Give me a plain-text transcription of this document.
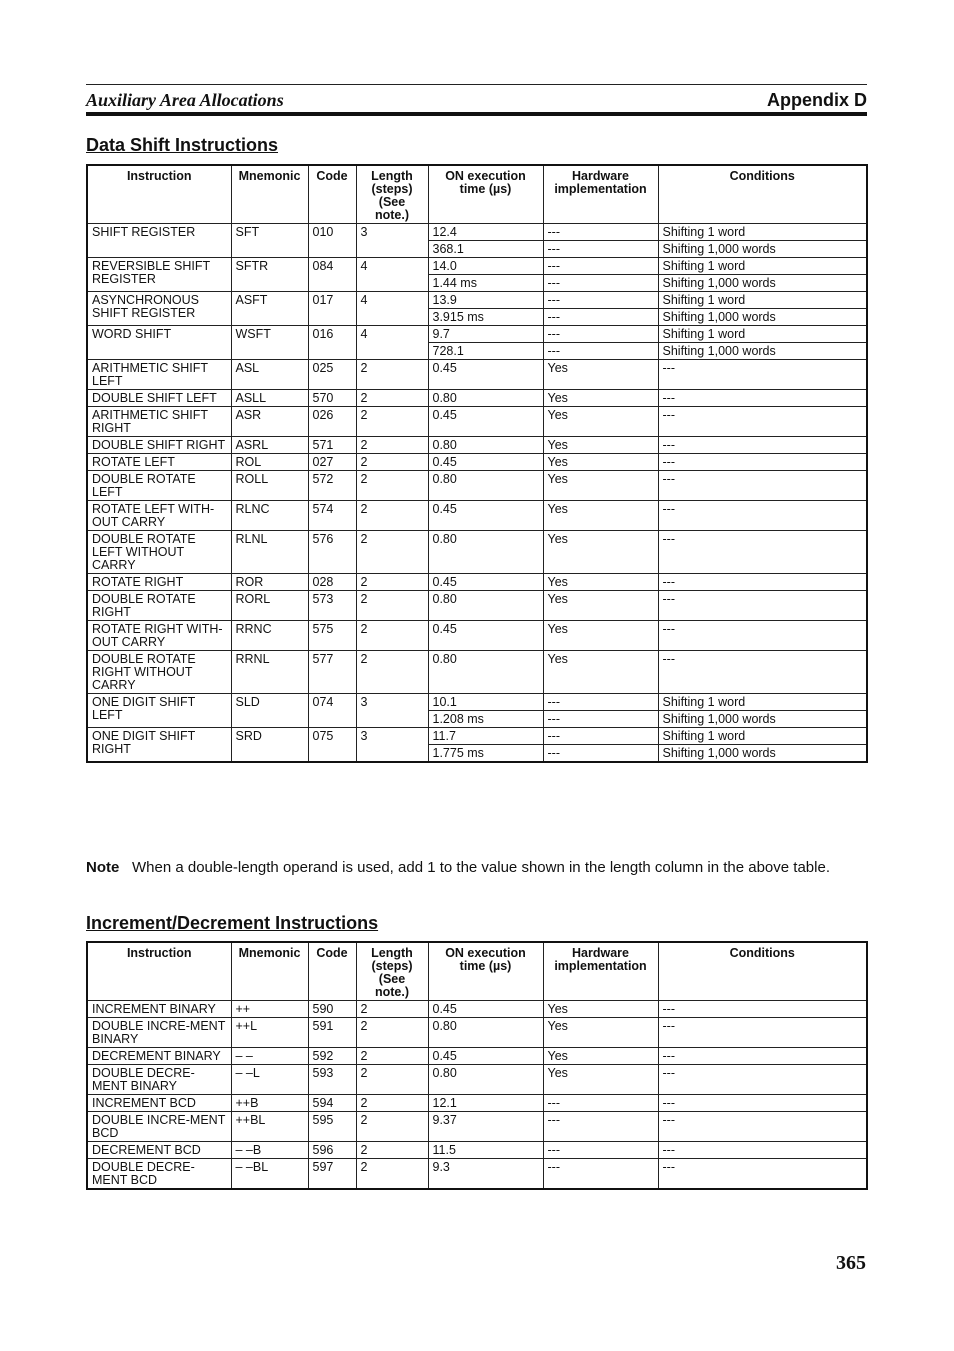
Auxiliary Area Allocations	Appendix D
Data Shift Instructions
Instruction	Mnemonic	Code	Length (steps) (See note.)	ON execution time (µs)	Hardware implementation	Conditions
SHIFT REGISTER	SFT	010	3	12.4	---	Shifting 1 word
				368.1	---	Shifting 1,000 words
REVERSIBLE SHIFT REGISTER	SFTR	084	4	14.0	---	Shifting 1 word
				1.44 ms	---	Shifting 1,000 words
ASYNCHRONOUS SHIFT REGISTER	ASFT	017	4	13.9	---	Shifting 1 word
				3.915 ms	---	Shifting 1,000 words
WORD SHIFT	WSFT	016	4	9.7	---	Shifting 1 word
				728.1	---	Shifting 1,000 words
ARITHMETIC SHIFT LEFT	ASL	025	2	0.45	Yes	---
DOUBLE SHIFT LEFT	ASLL	570	2	0.80	Yes	---
ARITHMETIC SHIFT RIGHT	ASR	026	2	0.45	Yes	---
DOUBLE SHIFT RIGHT	ASRL	571	2	0.80	Yes	---
ROTATE LEFT	ROL	027	2	0.45	Yes	---
DOUBLE ROTATE LEFT	ROLL	572	2	0.80	Yes	---
ROTATE LEFT WITH-OUT CARRY	RLNC	574	2	0.45	Yes	---
DOUBLE ROTATE LEFT WITHOUT CARRY	RLNL	576	2	0.80	Yes	---
ROTATE RIGHT	ROR	028	2	0.45	Yes	---
DOUBLE ROTATE RIGHT	RORL	573	2	0.80	Yes	---
ROTATE RIGHT WITH-OUT CARRY	RRNC	575	2	0.45	Yes	---
DOUBLE ROTATE RIGHT WITHOUT CARRY	RRNL	577	2	0.80	Yes	---
ONE DIGIT SHIFT LEFT	SLD	074	3	10.1	---	Shifting 1 word
				1.208 ms	---	Shifting 1,000 words
ONE DIGIT SHIFT RIGHT	SRD	075	3	11.7	---	Shifting 1 word
				1.775 ms	---	Shifting 1,000 words
Note When a double-length operand is used, add 1 to the value shown in the length column in the above table.
Increment/Decrement Instructions
Instruction	Mnemonic	Code	Length (steps) (See note.)	ON execution time (µs)	Hardware implementation	Conditions
INCREMENT BINARY	++	590	2	0.45	Yes	---
DOUBLE INCRE-MENT BINARY	++L	591	2	0.80	Yes	---
DECREMENT BINARY	– –	592	2	0.45	Yes	---
DOUBLE DECRE-MENT BINARY	– –L	593	2	0.80	Yes	---
INCREMENT BCD	++B	594	2	12.1	---	---
DOUBLE INCRE-MENT BCD	++BL	595	2	9.37	---	---
DECREMENT BCD	– –B	596	2	11.5	---	---
DOUBLE DECRE-MENT BCD	– –BL	597	2	9.3	---	---
365
